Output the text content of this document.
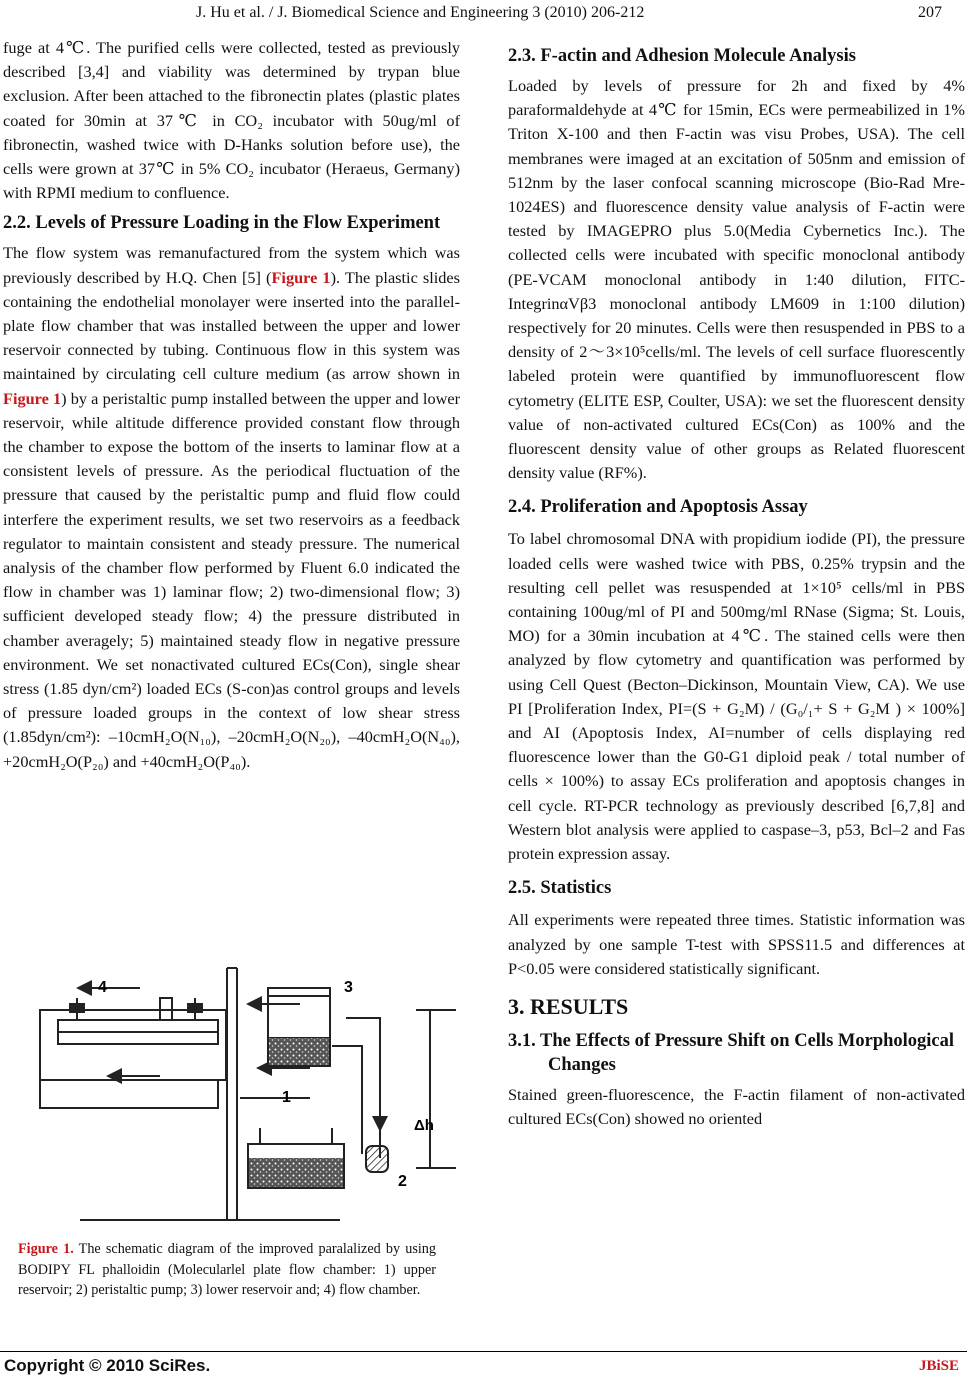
J. Hu et al. / J. Biomedical Science and Engineering 3 (2010) 206-212	207

fuge at 4℃. The purified cells were collected, tested as previously described [3,4] and viability was determined by trypan blue exclusion. After been attached to the fibronectin plates (plastic plates coated for 30min at 37℃ in CO₂ incubator with 50ug/ml of fibronectin, washed twice with D-Hanks solution before use), the cells were grown at 37℃ in 5% CO₂ incubator (Heraeus, Germany) with RPMI medium to confluence.

2.2. Levels of Pressure Loading in the Flow Experiment

The flow system was remanufactured from the system which was previously described by H.Q. Chen [5] (Figure 1). The plastic slides containing the endothelial monolayer were inserted into the parallel-plate flow chamber that was installed between the upper and lower reservoir connected by tubing. Continuous flow in this system was maintained by circulating cell culture medium (as arrow shown in Figure 1) by a peristaltic pump installed between the upper and lower reservoir, while altitude difference provided constant flow through the chamber to expose the bottom of the inserts to laminar flow at a consistent levels of pressure. As the periodical fluctuation of the pressure that caused by the peristaltic pump and fluid flow could interfere the experiment results, we set two reservoirs as a feedback regulator to maintain consistent and steady pressure. The numerical analysis of the chamber flow performed by Fluent 6.0 indicated the flow in chamber was 1) laminar flow; 2) two-dimensional flow; 3) sufficient developed steady flow; 4) the pressure distributed in chamber averagely; 5) maintained steady flow in negative pressure environment. We set nonactivated cultured ECs(Con), single shear stress (1.85 dyn/cm²) loaded ECs (S-con)as control groups and levels of pressure loaded groups in the context of low shear stress (1.85dyn/cm²): –10cmH₂O(N₁₀), –20cmH₂O(N₂₀), –40cmH₂O(N₄₀), +20cmH₂O(P₂₀) and +40cmH₂O(P₄₀).

4	3
1
2
Δh
Figure 1. The schematic diagram of the improved paralalized by using BODIPY FL phalloidin (Molecularlel plate flow chamber: 1) upper reservoir; 2) peristaltic pump; 3) lower reservoir and; 4) flow chamber.
2.3. F-actin and Adhesion Molecule Analysis

Loaded by levels of pressure for 2h and fixed by 4% paraformaldehyde at 4℃ for 15min, ECs were permeabilized in 1% Triton X-100 and then F-actin was visu Probes, USA). The cell membranes were imaged at an excitation of 505nm and emission of 512nm by the laser confocal scanning microscope (Bio-Rad Mre-1024ES) and fluorescence density value analysis of F-actin were tested by IMAGEPRO plus 5.0(Media Cybernetics Inc.). The collected cells were incubated with specific monoclonal antibody (PE-VCAM monoclonal antibody in 1:40 dilution, FITC-IntegrinαVβ3 monoclonal antibody LM609 in 1:100 dilution) respectively for 20 minutes. Cells were then resuspended in PBS to a density of 2～3×10⁵cells/ml. The levels of cell surface fluorescently labeled protein were quantified by immunofluorescent flow cytometry (ELITE ESP, Coulter, USA): we set the fluorescent density value of non-activated cultured ECs(Con) as 100% and the fluorescent density value of other groups as Related fluorescent density value (RF%).

2.4. Proliferation and Apoptosis Assay

To label chromosomal DNA with propidium iodide (PI), the pressure loaded cells were washed twice with PBS, 0.25% trypsin and the resulting cell pellet was resuspended at 1×10⁵ cells/ml in PBS containing 100ug/ml of PI and 500mg/ml RNase (Sigma; St. Louis, MO) for a 30min incubation at 4℃. The stained cells were then analyzed by flow cytometry and quantification was performed by using Cell Quest (Becton–Dickinson, Mountain View, CA). We use PI [Proliferation Index, PI=(S + G₂M) / (G₀/₁+ S + G₂M ) × 100%] and AI (Apoptosis Index, AI=number of cells displaying red fluorescence lower than the G0-G1 diploid peak / total number of cells × 100%) to assay ECs proliferation and apoptosis changes in cell cycle. RT-PCR technology as previously described [6,7,8] and Western blot analysis were applied to caspase–3, p53, Bcl–2 and Fas protein expression assay.

2.5. Statistics

All experiments were repeated three times. Statistic information was analyzed by one sample T-test with SPSS11.5 and differences at P<0.05 were considered statistically significant.

3. RESULTS
3.1. The Effects of Pressure Shift on Cells Morphological Changes

Stained green-fluorescence, the F-actin filament of non-activated cultured ECs(Con) showed no oriented

Copyright © 2010 SciRes.	JBiSE
